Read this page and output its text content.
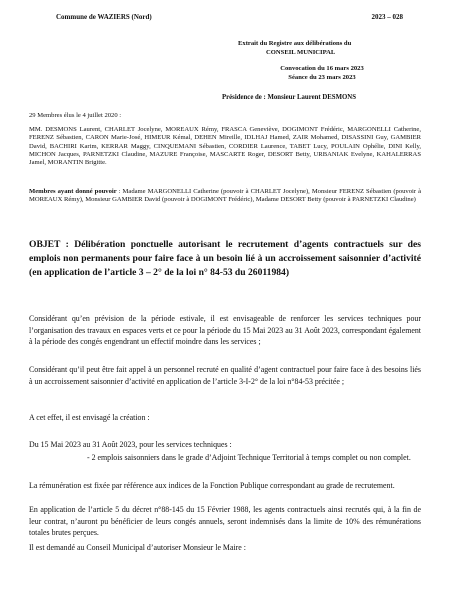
Commune de WAZIERS (Nord)	2023 – 028
Extrait du Registre aux délibérations du
CONSEIL MUNICIPAL
Convocation du 16 mars 2023
Séance du 23 mars 2023
Présidence de : Monsieur Laurent DESMONS
29 Membres élus le 4 juillet 2020 :
MM. DESMONS Laurent, CHARLET Jocelyne, MOREAUX Rémy, FRASCA Geneviève, DOGIMONT Frédéric, MARGONELLI Catherine, FERENZ Sébastien, CARON Marie-José, HIMEUR Kémal, DEHEN Mireille, IDLHAJ Hamed, ZAIR Mohamed, DISASSINI Guy, GAMBIER David, BACHIRI Karim, KERRAR Maggy, CINQUEMANI Sébastien, CORDIER Laurence, TABET Lucy, POULAIN Ophélie, DINI Kelly, MICHON Jacques, PARNETZKI Claudine, MAZURE Françoise, MASCARTE Roger, DESORT Betty, URBANIAK Evelyne, KAHALERRAS Jamel, MORANTIN Brigitte.
Membres ayant donné pouvoir : Madame MARGONELLI Catherine (pouvoir à CHARLET Jocelyne), Monsieur FERENZ Sébastien (pouvoir à MOREAUX Rémy), Monsieur GAMBIER David (pouvoir à DOGIMONT Frédéric), Madame DESORT Betty (pouvoir à PARNETZKI Claudine)
OBJET : Délibération ponctuelle autorisant le recrutement d’agents contractuels sur des emplois non permanents pour faire face à un besoin lié à un accroissement saisonnier d’activité (en application de l’article 3 – 2° de la loi n° 84-53 du 26011984)
Considérant qu’en prévision de la période estivale, il est envisageable de renforcer les services techniques pour l’organisation des travaux en espaces verts et ce pour la période du 15 Mai 2023 au 31 Août 2023, correspondant également à la période des congés engendrant un effectif moindre dans les services ;
Considérant qu’il peut être fait appel à un personnel recruté en qualité d’agent contractuel pour faire face à des besoins liés à un accroissement saisonnier d’activité en application de l’article 3-I-2° de la loi n°84-53 précitée ;
A cet effet, il est envisagé la création :
Du 15 Mai 2023 au 31 Août 2023, pour les services techniques :
- 2 emplois saisonniers dans le grade d’Adjoint Technique Territorial à temps complet ou non complet.
La rémunération est fixée par référence aux indices de la Fonction Publique correspondant au grade de recrutement.
En application de l’article 5 du décret n°88-145 du 15 Février 1988, les agents contractuels ainsi recrutés qui, à la fin de leur contrat, n’auront pu bénéficier de leurs congés annuels, seront indemnisés dans la limite de 10% des rémunérations totales brutes perçues.
Il est demandé au Conseil Municipal d’autoriser Monsieur le Maire :
